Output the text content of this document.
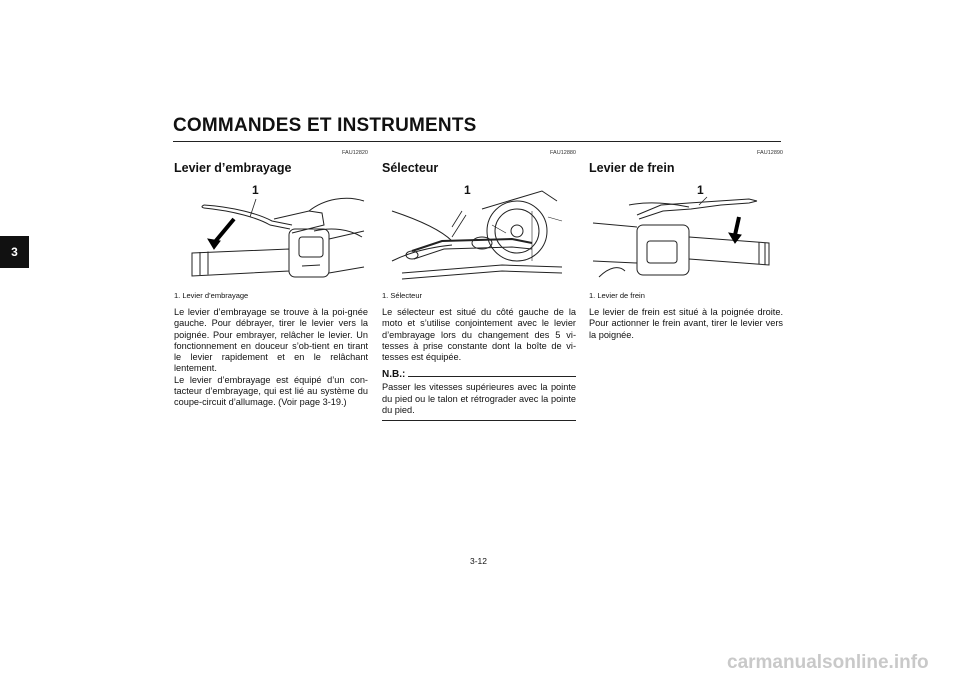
COMMANDES ET INSTRUMENTS
3
FAU12820
Levier d’embrayage
1
1. Levier d’embrayage

Le levier d’embrayage se trouve à la poi-gnée gauche. Pour débrayer, tirer le levier vers la poignée. Pour embrayer, relâcher le levier. Un fonctionnement en douceur s’ob-tient en tirant le levier rapidement et en le relâchant lentement.

Le levier d’embrayage est équipé d’un con-tacteur d’embrayage, qui est lié au système du coupe-circuit d’allumage. (Voir page 3-19.)

FAU12880
Sélecteur
1
1. Sélecteur

Le sélecteur est situé du côté gauche de la moto et s’utilise conjointement avec le levier d’embrayage lors du changement des 5 vi-tesses à prise constante dont la boîte de vi-tesses est équipée.

N.B.:

Passer les vitesses supérieures avec la pointe du pied ou le talon et rétrograder avec la pointe du pied.

FAU12890
Levier de frein
1
1. Levier de frein

Le levier de frein est situé à la poignée droite. Pour actionner le frein avant, tirer le levier vers la poignée.

3-12
carmanualsonline.info
